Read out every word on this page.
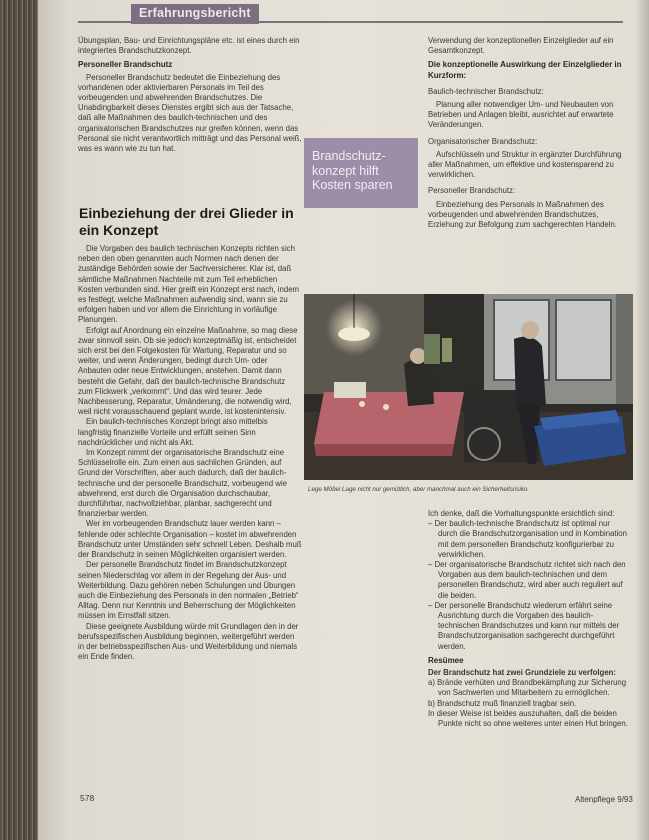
Erfahrungsbericht

Übungsplan, Bau- und Einrichtungspläne etc. ist eines durch ein integriertes Brandschutzkonzept.

Personeller Brandschutz

Personeller Brandschutz bedeutet die Einbeziehung des vorhandenen oder aktivierbaren Personals im Teil des vorbeugenden und abwehrenden Brandschutzes. Die Unabdingbarkeit dieses Dienstes ergibt sich aus der Tatsache, daß alle Maßnahmen des baulich-technischen und des organisatorischen Brandschutzes nur greifen können, wenn das Personal sie nicht verantwortlich mitträgt und das Personal weiß, was es wann wie zu tun hat.

Brandschutz-
konzept hilft
Kosten sparen
Einbeziehung der drei Glieder in ein Konzept

Die Vorgaben des baulich technischen Konzepts richten sich neben den oben genannten auch Normen nach denen der zuständige Behörden sowie der Sachversicherer. Klar ist, daß sämtliche Maßnahmen Nachteile mit zum Teil erheblichen Kosten verbunden sind. Hier greift ein Konzept erst nach, indem es festlegt, welche Maßnahmen aufwendig sind, wann sie zu erfolgen haben und vor allem die Einrichtung in vorläufige Planungen.

Erfolgt auf Anordnung ein einzelne Maßnahme, so mag diese zwar sinnvoll sein. Ob sie jedoch konzeptmäßig ist, entscheidet sich erst bei den Folgekosten für Wartung, Reparatur und so weiter, und wenn Änderungen, bedingt durch Um- oder Anbauten oder neue Entwicklungen, anstehen. Damit dann besteht die Gefahr, daß der baulich-technische Brandschutz zum Flickwerk „verkommt“. Und das wird teurer. Jede Nachbesserung, Reparatur, Umänderung, die notwendig wird, weil nicht vorausschauend geplant wurde, ist kostenintensiv.

Ein baulich-technisches Konzept bringt also mittelbis langfristig finanzielle Vorteile und erfüllt seinen Sinn nachdrücklicher und nicht als Akt.

Im Konzept nimmt der organisatorische Brandschutz eine Schlüsselrolle ein. Zum einen aus sachlichen Gründen, auf Grund der Vorschriften, aber auch dadurch, daß der baulich-technische und der personelle Brandschutz, vorbeugend wie abwehrend, erst durch die Organisation durchschaubar, durchführbar, nachvollziehbar, planbar, sachgerecht und finanzierbar werden.

Wer im vorbeugenden Brandschutz lauer werden kann – fehlende oder schlechte Organisation – kostet im abwehrenden Brandschutz unter Umständen sehr schnell Leben. Deshalb muß der Brandschutz in seinen Möglichkeiten organisiert werden.

Der personelle Brandschutz findet im Brandschutzkonzept seinen Niederschlag vor allem in der Regelung der Aus- und Weiterbildung. Dazu gehören neben Schulungen und Übungen auch die Einbeziehung des Personals in den normalen „Betrieb“ Alltag. Denn nur Kenntnis und Beherrschung der Möglichkeiten müssen im Ernstfall sitzen.

Diese geeignete Ausbildung würde mit Grundlagen den in der berufsspezifischen Ausbildung beginnen, weitergeführt werden in der betriebsspezifischen Aus- und Weiterbildung und niemals ein Ende finden.

Verwendung der konzeptionellen Einzelglieder auf ein Gesamtkonzept.

Die konzeptionelle Auswirkung der Einzelglieder in Kurzform:
Baulich-technischer Brandschutz:

Planung aller notwendiger Um- und Neubauten von Betrieben und Anlagen bleibt, ausrichtet auf erwartete Veränderungen.

Organisatorischer Brandschutz:

Aufschlüsseln und Struktur in ergänzter Durchführung aller Maßnahmen, um effektive und kostensparend zu verwirklichen.

Personeller Brandschutz:

Einbeziehung des Personals in Maßnahmen des vorbeugenden und abwehrenden Brandschutzes, Erziehung zur Befolgung zum sachgerechten Handeln.

Lege Möbel Lage nicht nur gemütlich, aber manchmal auch ein Sicherheitsrisiko.

Ich denke, daß die Vorhaltungspunkte ersichtlich sind:

– Der baulich-technische Brandschutz ist optimal nur durch die Brandschutzorganisation und in Kombination mit dem personellen Brandschutz konfigurierbar zu verwirklichen.
– Der organisatorische Brandschutz richtet sich nach den Vorgaben aus dem baulich-technischen und dem personellen Brandschutz, wird aber auch reguliert auf die beiden.
– Der personelle Brandschutz wiederum erfährt seine Ausrichtung durch die Vorgaben des baulich-technischen Brandschutzes und kann nur mittels der Brandschutzorganisation sachgerecht durchgeführt werden.
Resümee

Der Brandschutz hat zwei Grundziele zu verfolgen:

a) Brände verhüten und Brandbekämpfung zur Sicherung von Sachwerten und Mitarbeitern zu ermöglichen.
b) Brandschutz muß finanziell tragbar sein.
In dieser Weise ist beides auszuhalten, daß die beiden Punkte nicht so ohne weiteres unter einen Hut bringen.
578	Altenpflege 9/93
